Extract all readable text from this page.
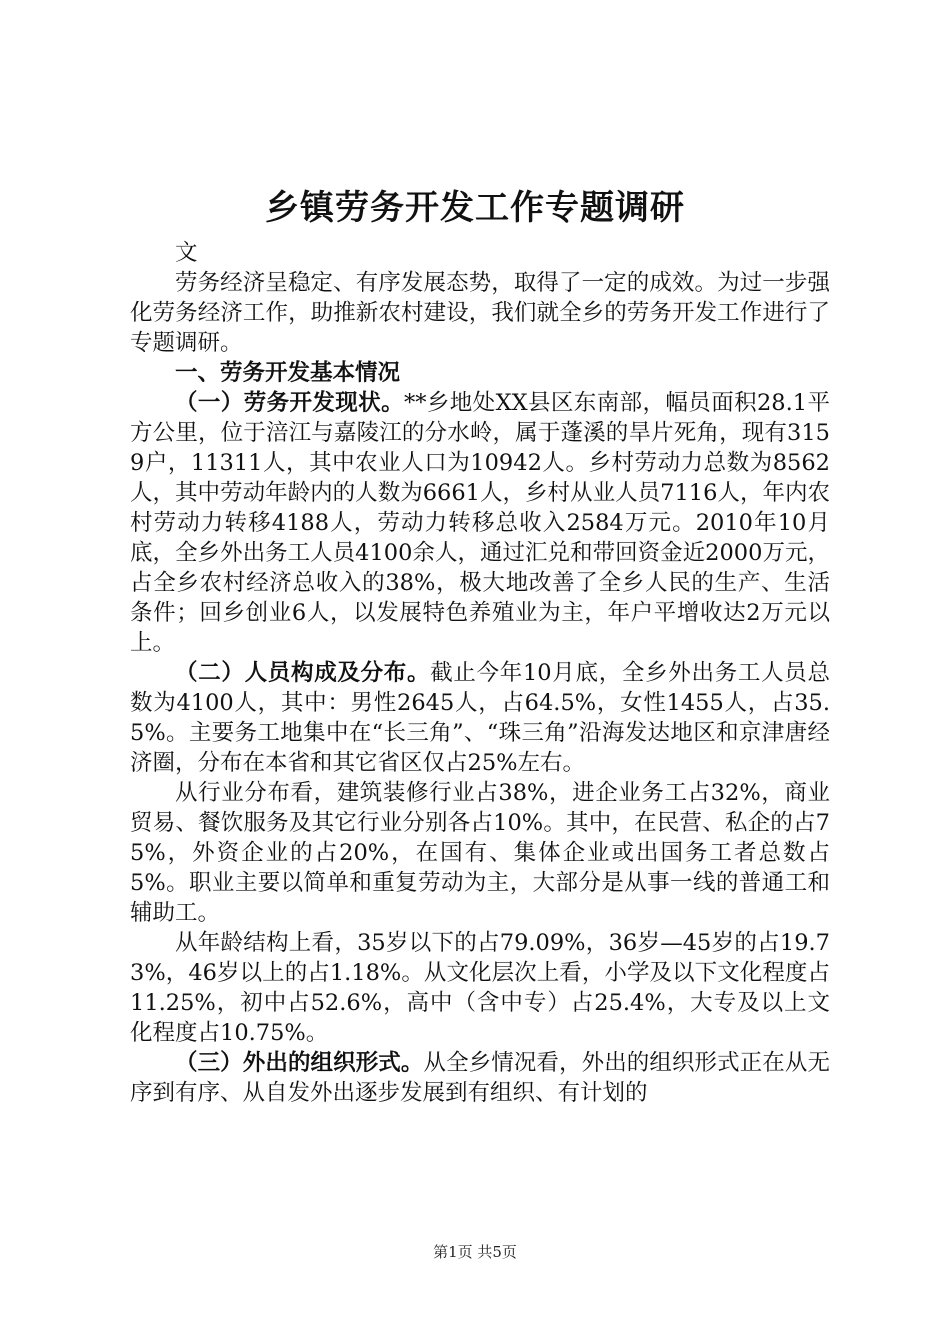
乡镇劳务开发工作专题调研

文

劳务经济呈稳定、有序发展态势，取得了一定的成效。为过一步强化劳务经济工作，助推新农村建设，我们就全乡的劳务开发工作进行了专题调研。

一、劳务开发基本情况

（一）劳务开发现状。**乡地处XX县区东南部，幅员面积28.1平方公里，位于涪江与嘉陵江的分水岭，属于蓬溪的旱片死角，现有3159户，11311人，其中农业人口为10942人。乡村劳动力总数为8562人，其中劳动年龄内的人数为6661人，乡村从业人员7116人，年内农村劳动力转移4188人，劳动力转移总收入2584万元。2010年10月底，全乡外出务工人员4100余人，通过汇兑和带回资金近2000万元，占全乡农村经济总收入的38%，极大地改善了全乡人民的生产、生活条件；回乡创业6人，以发展特色养殖业为主，年户平增收达2万元以上。

（二）人员构成及分布。截止今年10月底，全乡外出务工人员总数为4100人，其中：男性2645人，占64.5%，女性1455人，占35.5%。主要务工地集中在“长三角”、“珠三角”沿海发达地区和京津唐经济圈，分布在本省和其它省区仅占25%左右。

从行业分布看，建筑装修行业占38%，进企业务工占32%，商业贸易、餐饮服务及其它行业分别各占10%。其中，在民营、私企的占75%，外资企业的占20%，在国有、集体企业或出国务工者总数占5%。职业主要以简单和重复劳动为主，大部分是从事一线的普通工和辅助工。

从年龄结构上看，35岁以下的占79.09%，36岁—45岁的占19.73%，46岁以上的占1.18%。从文化层次上看，小学及以下文化程度占11.25%，初中占52.6%，高中（含中专）占25.4%，大专及以上文化程度占10.75%。

（三）外出的组织形式。从全乡情况看，外出的组织形式正在从无序到有序、从自发外出逐步发展到有组织、有计划的

第1页 共5页
